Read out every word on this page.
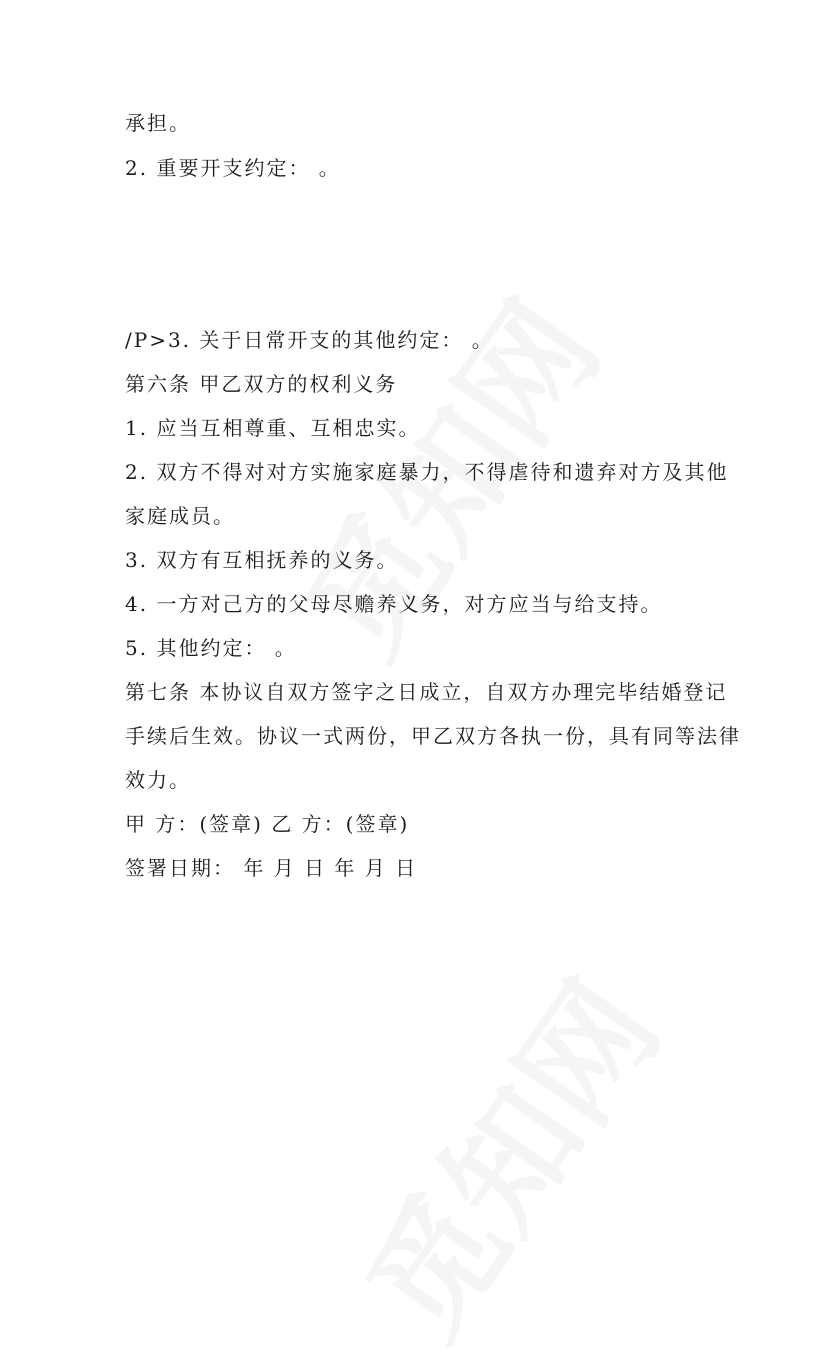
承担。
2. 重要开支约定： 。
/P>3. 关于日常开支的其他约定： 。
第六条 甲乙双方的权利义务
1. 应当互相尊重、互相忠实。
2. 双方不得对对方实施家庭暴力，不得虐待和遗弃对方及其他
家庭成员。
3. 双方有互相抚养的义务。
4. 一方对己方的父母尽赡养义务，对方应当与给支持。
5. 其他约定： 。
第七条 本协议自双方签字之日成立，自双方办理完毕结婚登记
手续后生效。协议一式两份，甲乙双方各执一份，具有同等法律
效力。
甲 方：(签章) 乙 方：(签章)
签署日期： 年 月 日 年 月 日
